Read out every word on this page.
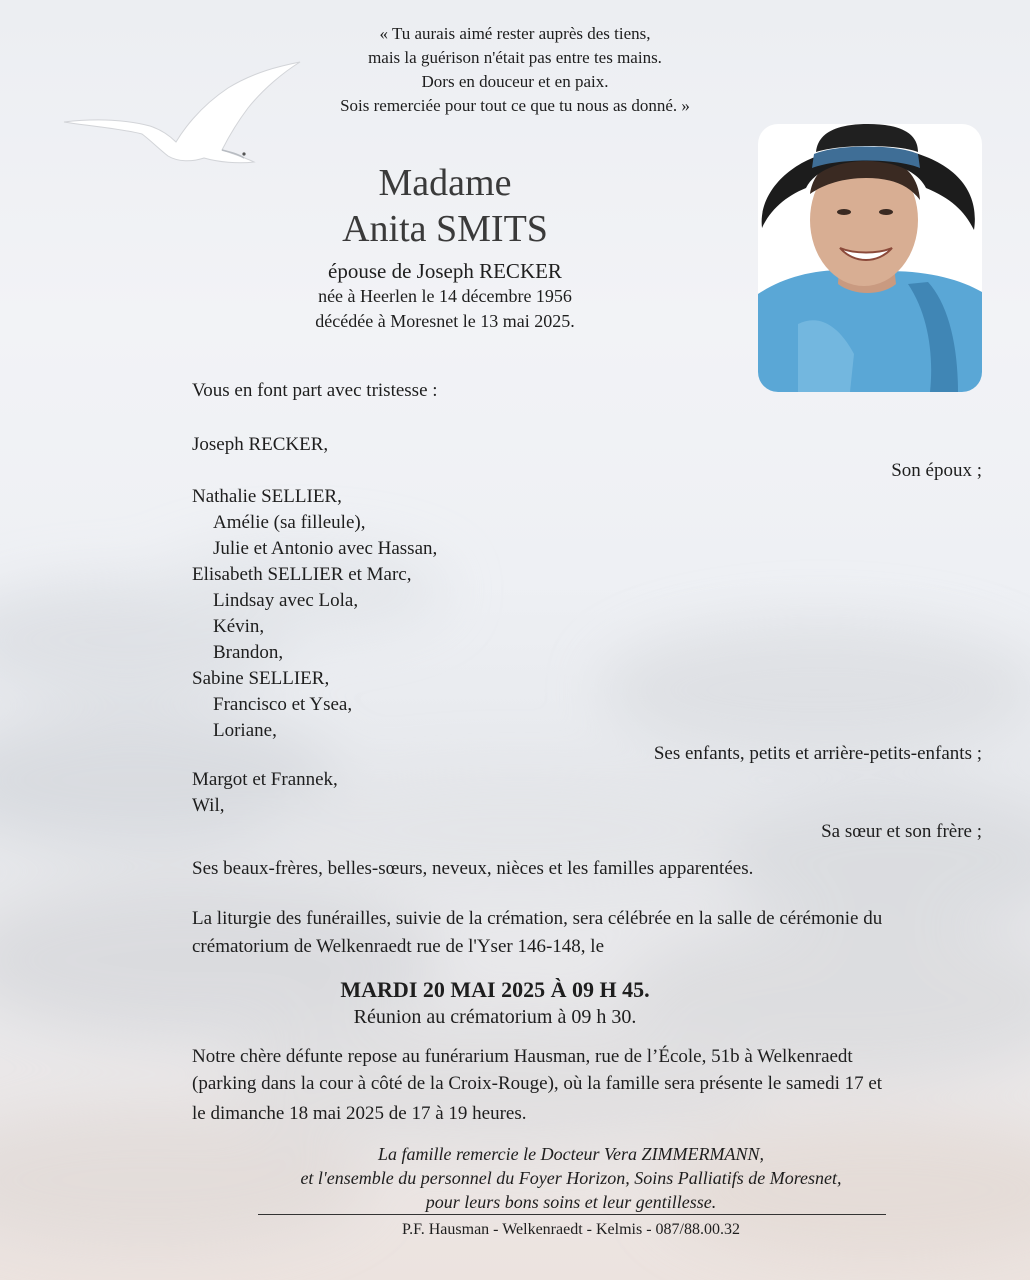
« Tu aurais aimé rester auprès des tiens,
mais la guérison n'était pas entre tes mains.
Dors en douceur et en paix.
Sois remerciée pour tout ce que tu nous as donné. »
Madame
Anita SMITS
épouse de Joseph RECKER
née à Heerlen le 14 décembre 1956
décédée à Moresnet le 13 mai 2025.
Vous en font part avec tristesse :
Joseph RECKER,
Son époux ;
Nathalie SELLIER,
Amélie (sa filleule),
Julie et Antonio avec Hassan,
Elisabeth SELLIER et Marc,
Lindsay avec Lola,
Kévin,
Brandon,
Sabine SELLIER,
Francisco et Ysea,
Loriane,
Ses enfants, petits et arrière-petits-enfants ;
Margot et Frannek,
Wil,
Sa sœur et son frère ;
Ses beaux-frères, belles-sœurs, neveux, nièces et les familles apparentées.
La liturgie des funérailles, suivie de la crémation, sera célébrée en la salle de cérémonie du
crématorium de Welkenraedt rue de l'Yser 146-148, le
MARDI 20 MAI 2025 À 09 H 45.
Réunion au crématorium à 09 h 30.
Notre chère défunte repose au funérarium Hausman, rue de l’École, 51b à Welkenraedt
(parking dans la cour à côté de la Croix-Rouge), où la famille sera présente le samedi 17 et
le dimanche 18 mai 2025 de 17 à 19 heures.
La famille remercie le Docteur Vera ZIMMERMANN,
et l'ensemble du personnel du Foyer Horizon, Soins Palliatifs de Moresnet,
pour leurs bons soins et leur gentillesse.
P.F. Hausman - Welkenraedt - Kelmis - 087/88.00.32
